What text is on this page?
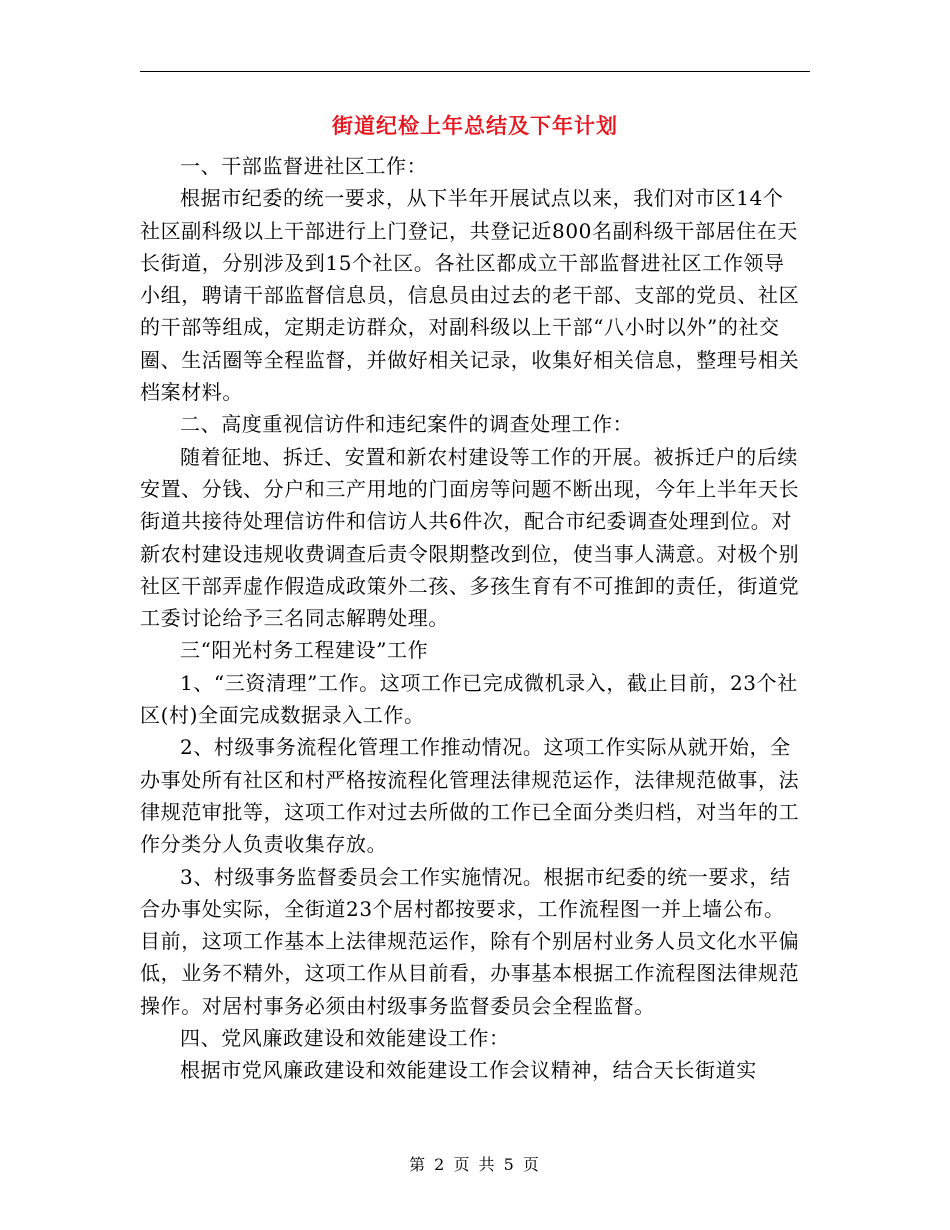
街道纪检上年总结及下年计划

一、干部监督进社区工作：

根据市纪委的统一要求，从下半年开展试点以来，我们对市区14个社区副科级以上干部进行上门登记，共登记近800名副科级干部居住在天长街道，分别涉及到15个社区。各社区都成立干部监督进社区工作领导小组，聘请干部监督信息员，信息员由过去的老干部、支部的党员、社区的干部等组成，定期走访群众，对副科级以上干部“八小时以外”的社交圈、生活圈等全程监督，并做好相关记录，收集好相关信息，整理号相关档案材料。

二、高度重视信访件和违纪案件的调查处理工作：

随着征地、拆迁、安置和新农村建设等工作的开展。被拆迁户的后续安置、分钱、分户和三产用地的门面房等问题不断出现，今年上半年天长街道共接待处理信访件和信访人共6件次，配合市纪委调查处理到位。对新农村建设违规收费调查后责令限期整改到位，使当事人满意。对极个别社区干部弄虚作假造成政策外二孩、多孩生育有不可推卸的责任，街道党工委讨论给予三名同志解聘处理。

三“阳光村务工程建设”工作

1、“三资清理”工作。这项工作已完成微机录入，截止目前，23个社区(村)全面完成数据录入工作。

2、村级事务流程化管理工作推动情况。这项工作实际从就开始，全办事处所有社区和村严格按流程化管理法律规范运作，法律规范做事，法律规范审批等，这项工作对过去所做的工作已全面分类归档，对当年的工作分类分人负责收集存放。

3、村级事务监督委员会工作实施情况。根据市纪委的统一要求，结合办事处实际，全街道23个居村都按要求，工作流程图一并上墙公布。目前，这项工作基本上法律规范运作，除有个别居村业务人员文化水平偏低，业务不精外，这项工作从目前看，办事基本根据工作流程图法律规范操作。对居村事务必须由村级事务监督委员会全程监督。

四、党风廉政建设和效能建设工作：

根据市党风廉政建设和效能建设工作会议精神，结合天长街道实

第 2 页 共 5 页
